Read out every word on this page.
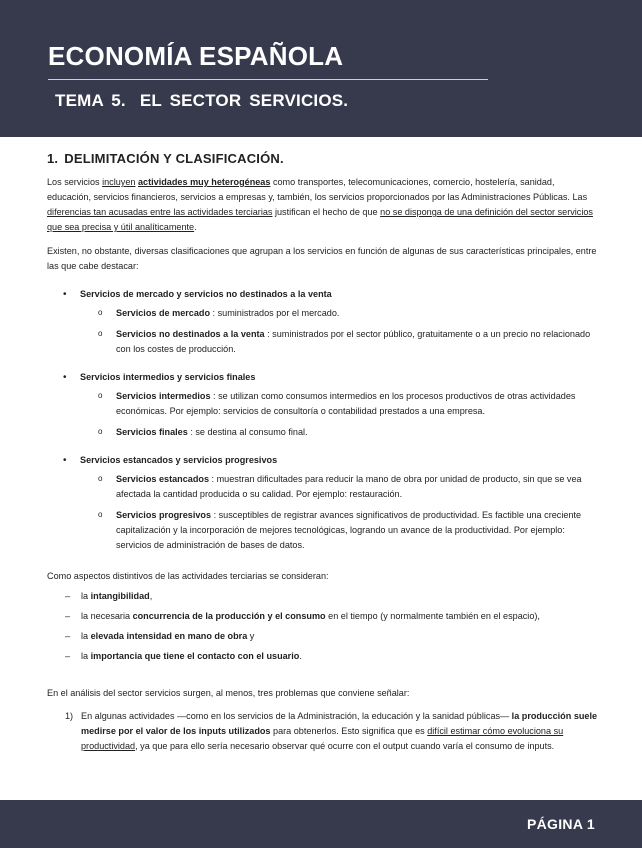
ECONOMÍA ESPAÑOLA
TEMA 5. EL SECTOR SERVICIOS.
1. DELIMITACIÓN Y CLASIFICACIÓN.

Los servicios incluyen actividades muy heterogéneas como transportes, telecomunicaciones, comercio, hostelería, sanidad, educación, servicios financieros, servicios a empresas y, también, los servicios proporcionados por las Administraciones Públicas. Las diferencias tan acusadas entre las actividades terciarias justifican el hecho de que no se disponga de una definición del sector servicios que sea precisa y útil analíticamente.

Existen, no obstante, diversas clasificaciones que agrupan a los servicios en función de algunas de sus características principales, entre las que cabe destacar:

• Servicios de mercado y servicios no destinados a la venta
o Servicios de mercado : suministrados por el mercado.
o Servicios no destinados a la venta : suministrados por el sector público, gratuitamente o a un precio no relacionado con los costes de producción.
• Servicios intermedios y servicios finales
o Servicios intermedios : se utilizan como consumos intermedios en los procesos productivos de otras actividades económicas. Por ejemplo: servicios de consultoría o contabilidad prestados a una empresa.
o Servicios finales : se destina al consumo final.
• Servicios estancados y servicios progresivos
o Servicios estancados : muestran dificultades para reducir la mano de obra por unidad de producto, sin que se vea afectada la cantidad producida o su calidad. Por ejemplo: restauración.
o Servicios progresivos : susceptibles de registrar avances significativos de productividad. Es factible una creciente capitalización y la incorporación de mejores tecnológicas, logrando un avance de la productividad. Por ejemplo: servicios de administración de bases de datos.

Como aspectos distintivos de las actividades terciarias se consideran:

– la intangibilidad,
– la necesaria concurrencia de la producción y el consumo en el tiempo (y normalmente también en el espacio),
– la elevada intensidad en mano de obra y
– la importancia que tiene el contacto con el usuario.

En el análisis del sector servicios surgen, al menos, tres problemas que conviene señalar:

1) En algunas actividades —como en los servicios de la Administración, la educación y la sanidad públicas— la producción suele medirse por el valor de los inputs utilizados para obtenerlos. Esto significa que es difícil estimar cómo evoluciona su productividad, ya que para ello sería necesario observar qué ocurre con el output cuando varía el consumo de inputs.
PÁGINA 1
